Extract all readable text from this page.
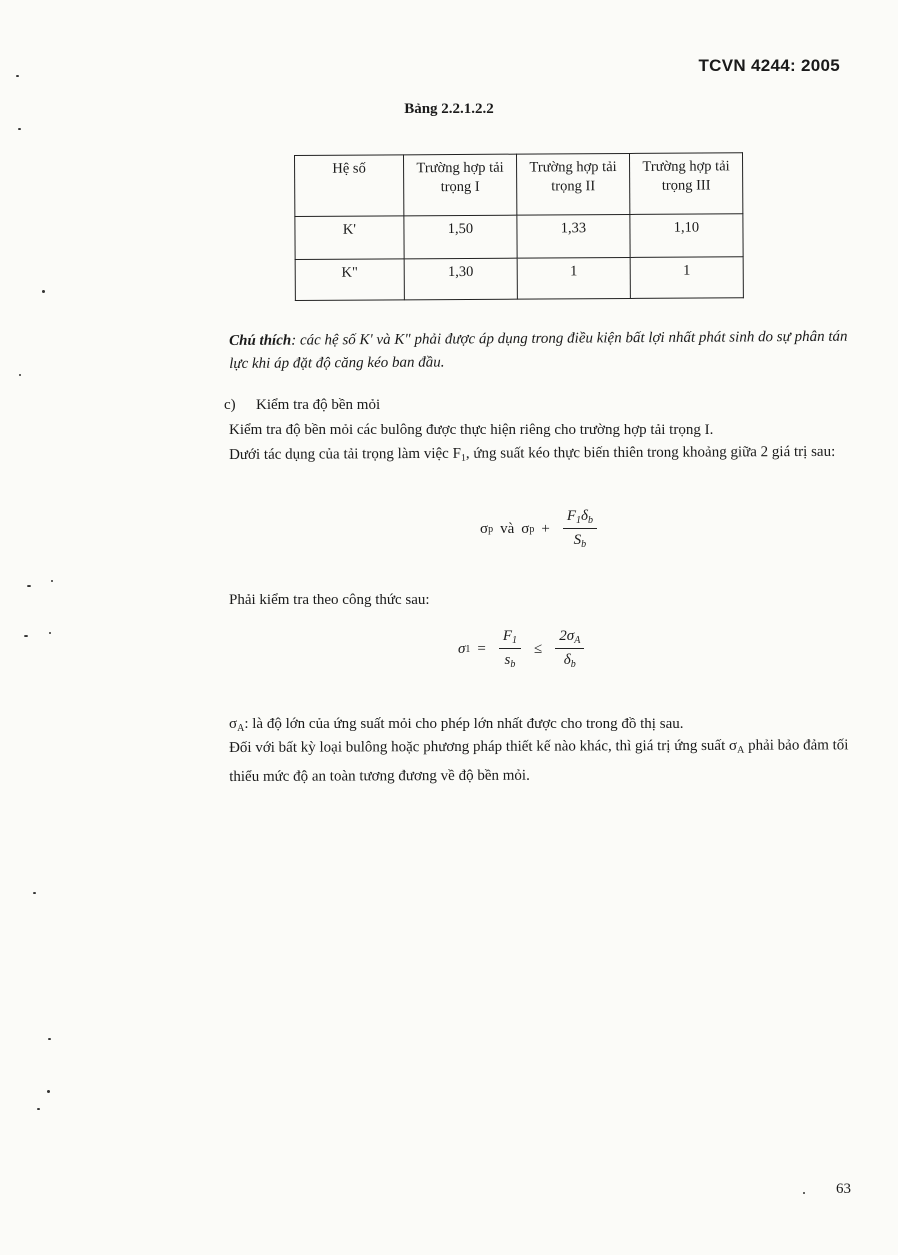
TCVN 4244: 2005
Bảng 2.2.1.2.2
Hệ số	Trường hợp tải trọng I	Trường hợp tải trọng II	Trường hợp tải trọng III
K'	1,50	1,33	1,10
K"	1,30	1	1
Chú thích: các hệ số K' và K" phải được áp dụng trong điều kiện bất lợi nhất phát sinh do sự phân tán lực khi áp đặt độ căng kéo ban đầu.
c) Kiểm tra độ bền mỏi
Kiểm tra độ bền mỏi các bulông được thực hiện riêng cho trường hợp tải trọng I.
Dưới tác dụng của tải trọng làm việc $F_1$, ứng suất kéo thực biến thiên trong khoảng giữa 2 giá trị sau:
σ p và σ $p + \frac{F_1\delta_b}{S_b}$
Phải kiểm tra theo công thức sau:
σ $1 = \frac{F_1}{s_b} \le \frac{2\sigma_A}{\delta_b}$
$\sigma_A$: là độ lớn của ứng suất mỏi cho phép lớn nhất được cho trong đồ thị sau.
Đối với bất kỳ loại bulông hoặc phương pháp thiết kế nào khác, thì giá trị ứng suất $\sigma_A$ phải bảo đảm tối thiểu mức độ an toàn tương đương về độ bền mỏi.
63
